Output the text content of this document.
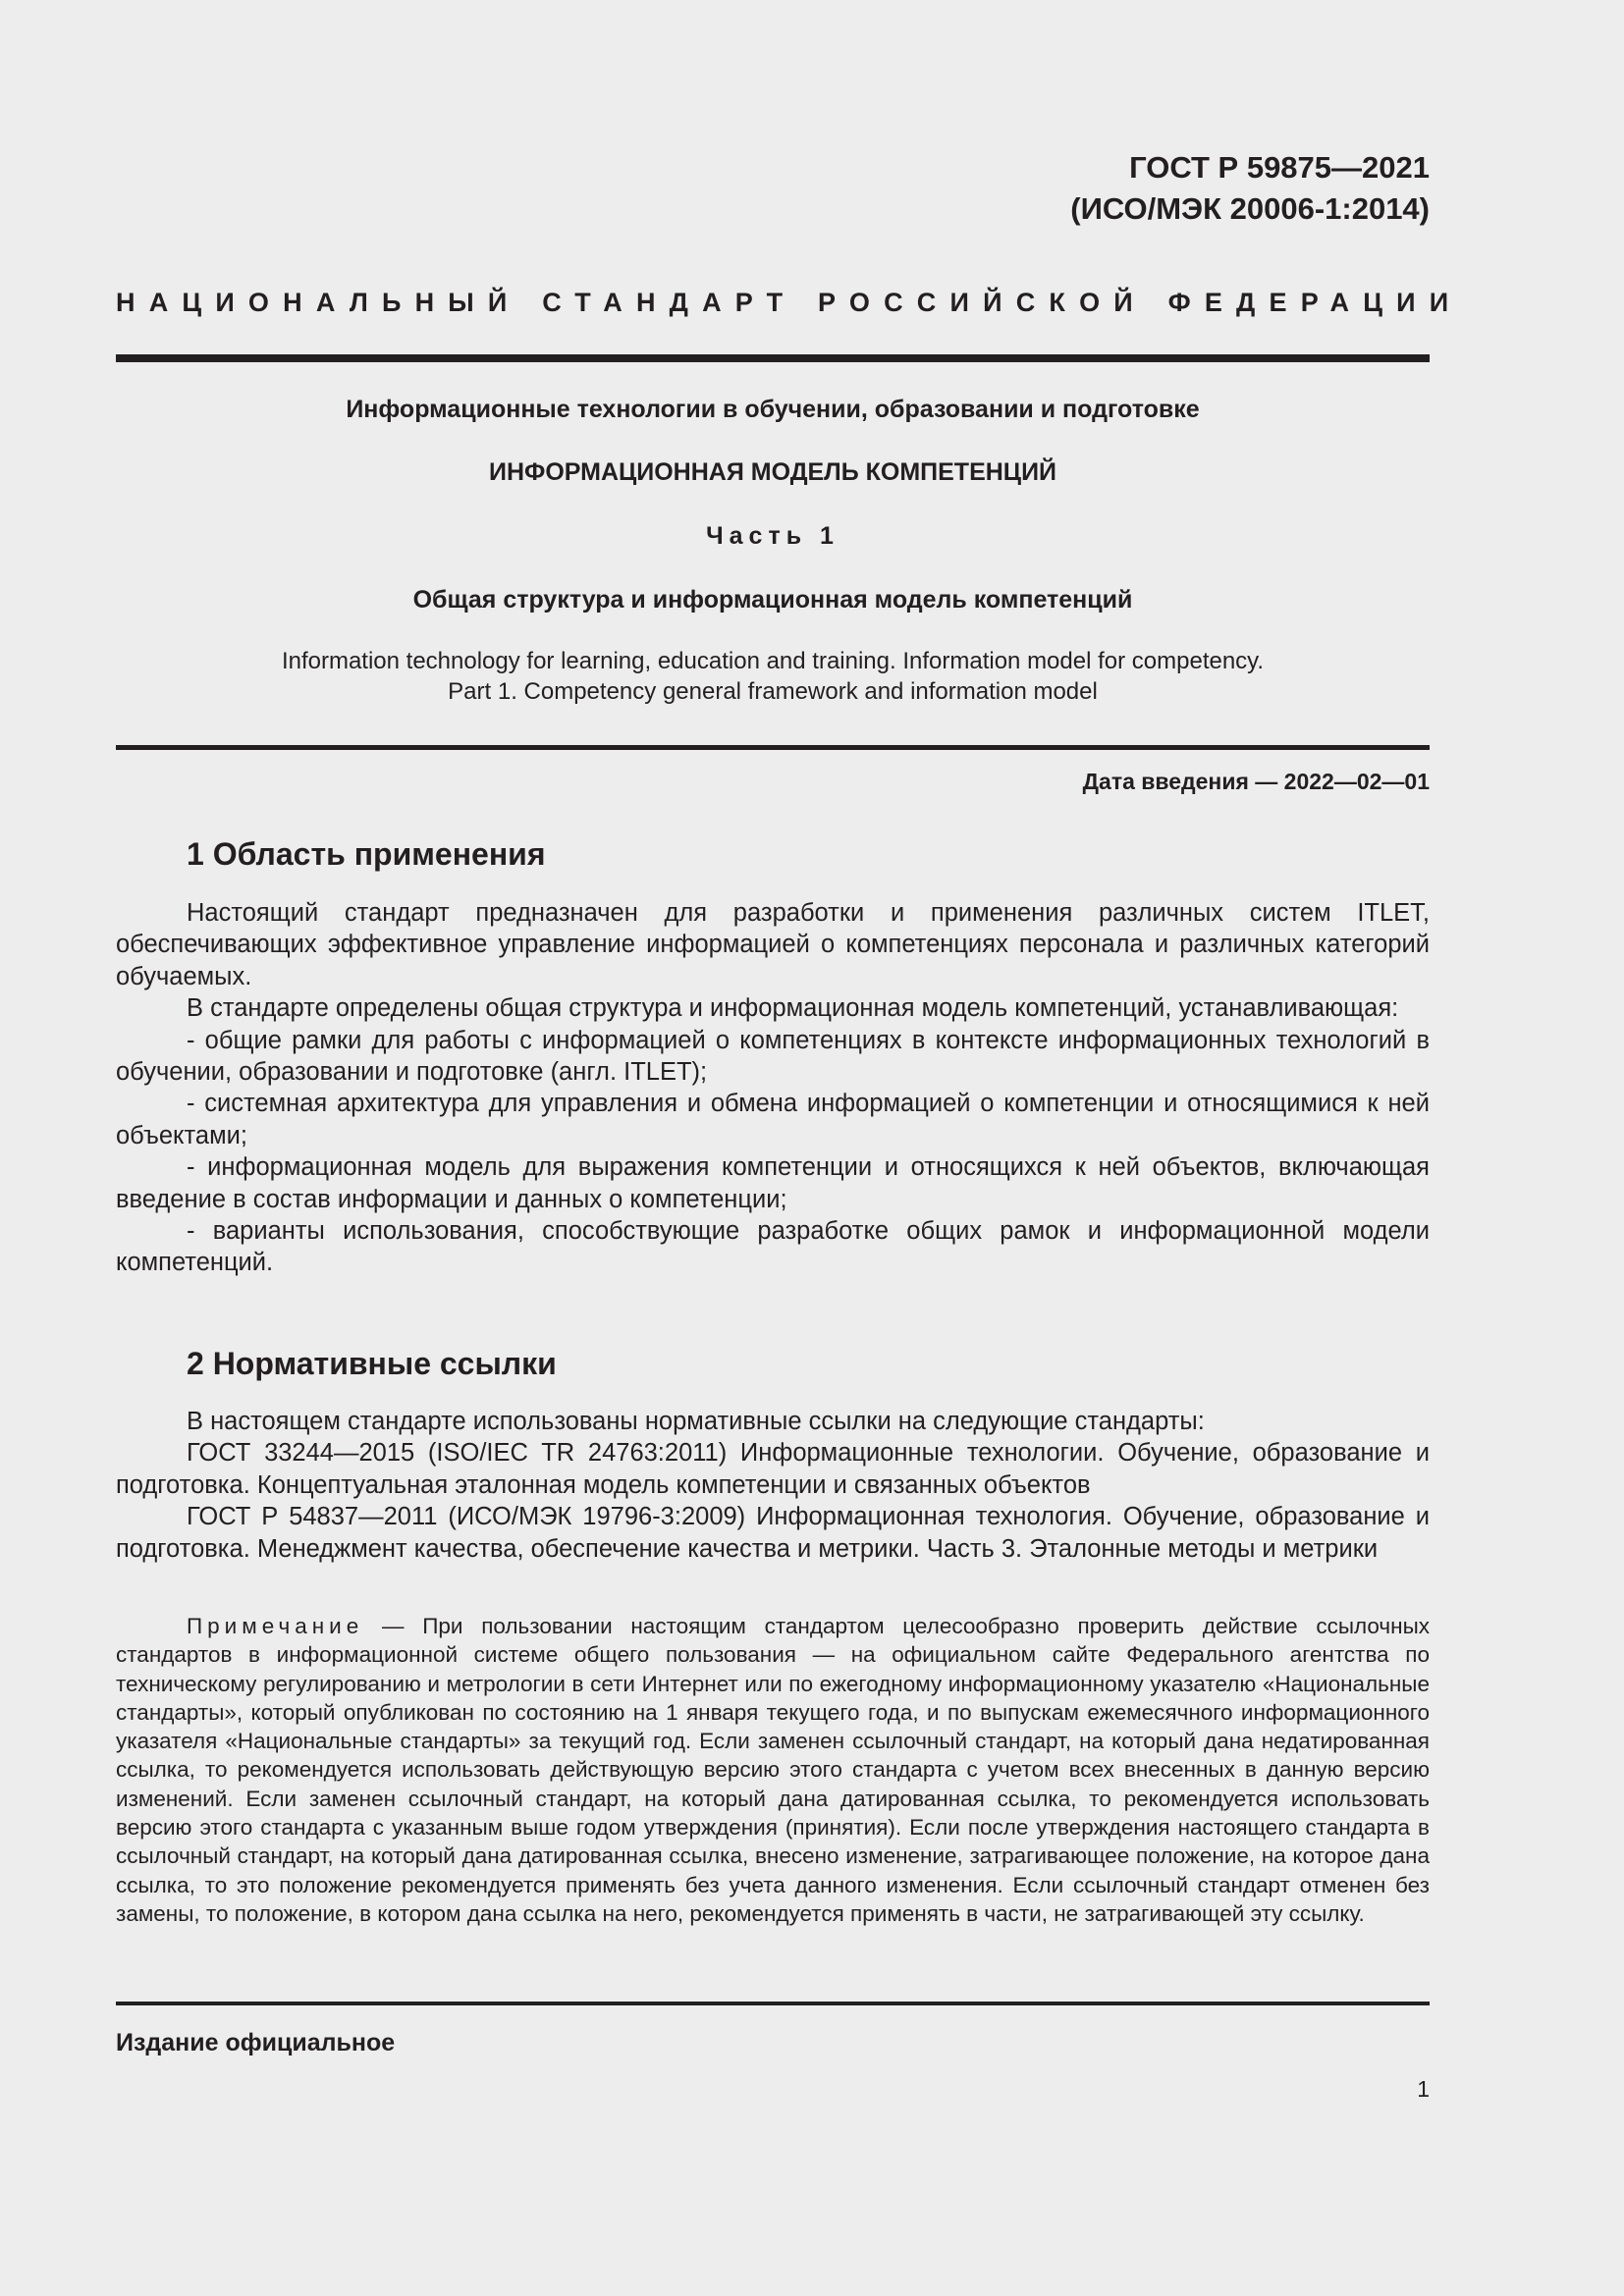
ГОСТ Р 59875—2021
(ИСО/МЭК 20006-1:2014)
НАЦИОНАЛЬНЫЙ СТАНДАРТ РОССИЙСКОЙ ФЕДЕРАЦИИ
Информационные технологии в обучении, образовании и подготовке
ИНФОРМАЦИОННАЯ МОДЕЛЬ КОМПЕТЕНЦИЙ
Часть 1
Общая структура и информационная модель компетенций
Information technology for learning, education and training. Information model for competency.
Part 1. Competency general framework and information model
Дата введения — 2022—02—01
1 Область применения

Настоящий стандарт предназначен для разработки и применения различных систем ITLET, обеспечивающих эффективное управление информацией о компетенциях персонала и различных категорий обучаемых.

В стандарте определены общая структура и информационная модель компетенций, устанавливающая:

- общие рамки для работы с информацией о компетенциях в контексте информационных технологий в обучении, образовании и подготовке (англ. ITLET);

- системная архитектура для управления и обмена информацией о компетенции и относящимися к ней объектами;

- информационная модель для выражения компетенции и относящихся к ней объектов, включающая введение в состав информации и данных о компетенции;

- варианты использования, способствующие разработке общих рамок и информационной модели компетенций.

2 Нормативные ссылки

В настоящем стандарте использованы нормативные ссылки на следующие стандарты:

ГОСТ 33244—2015 (ISO/IEC TR 24763:2011) Информационные технологии. Обучение, образование и подготовка. Концептуальная эталонная модель компетенции и связанных объектов

ГОСТ Р 54837—2011 (ИСО/МЭК 19796-3:2009) Информационная технология. Обучение, образование и подготовка. Менеджмент качества, обеспечение качества и метрики. Часть 3. Эталонные методы и метрики

Примечание — При пользовании настоящим стандартом целесообразно проверить действие ссылочных стандартов в информационной системе общего пользования — на официальном сайте Федерального агентства по техническому регулированию и метрологии в сети Интернет или по ежегодному информационному указателю «Национальные стандарты», который опубликован по состоянию на 1 января текущего года, и по выпускам ежемесячного информационного указателя «Национальные стандарты» за текущий год. Если заменен ссылочный стандарт, на который дана недатированная ссылка, то рекомендуется использовать действующую версию этого стандарта с учетом всех внесенных в данную версию изменений. Если заменен ссылочный стандарт, на который дана датированная ссылка, то рекомендуется использовать версию этого стандарта с указанным выше годом утверждения (принятия). Если после утверждения настоящего стандарта в ссылочный стандарт, на который дана датированная ссылка, внесено изменение, затрагивающее положение, на которое дана ссылка, то это положение рекомендуется применять без учета данного изменения. Если ссылочный стандарт отменен без замены, то положение, в котором дана ссылка на него, рекомендуется применять в части, не затрагивающей эту ссылку.

Издание официальное
1
